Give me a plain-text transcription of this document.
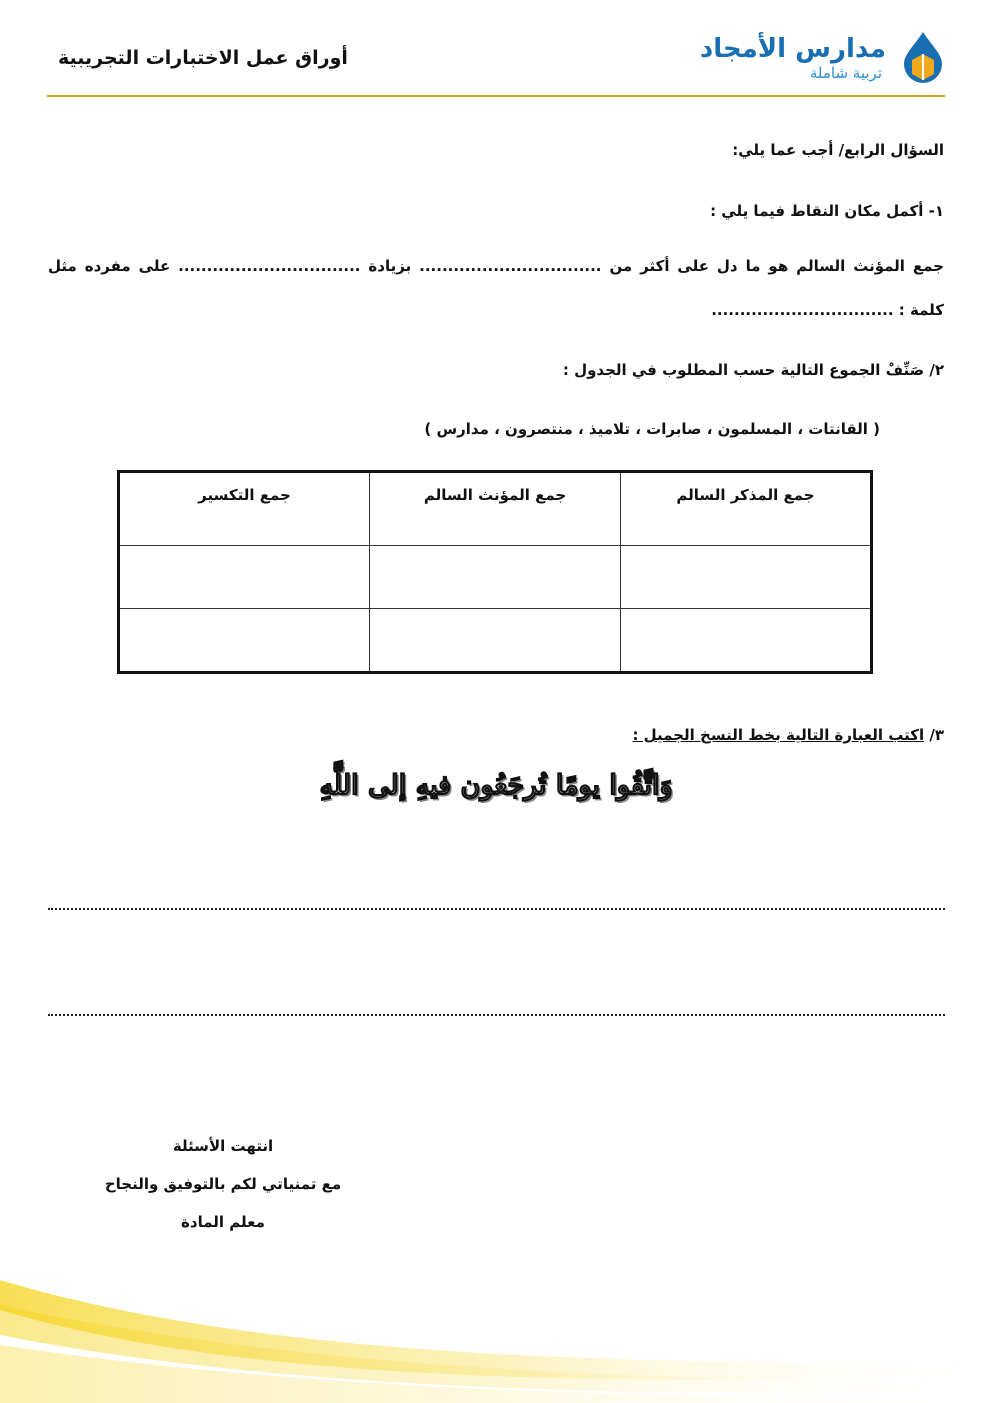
أوراق عمل الاختبارات التجريبية	مدارس الأمجاد
تربية شاملة
السؤال الرابع/ أجب عما يلي:
١- أكمل مكان النقاط فيما يلي :
جمع المؤنث السالم هو ما دل على أكثر من ................................ بزيادة ................................ على مفرده مثل
كلمة : ................................
٢/ صَنِّفْ الجموع التالية حسب المطلوب في الجدول :
( القانتات ، المسلمون ، صابرات ، تلاميذ ، منتصرون ، مدارس )
جمع المذكر السالم	جمع المؤنث السالم	جمع التكسير

٣/ اكتب العبارة التالية بخط النسخ الجميل :
وَاتَّقُوا يومًا تُرجَعُون فيهِ إلى اللَّهِ
انتهت الأسئلة
مع تمنياتي لكم بالتوفيق والنجاح
معلم المادة
